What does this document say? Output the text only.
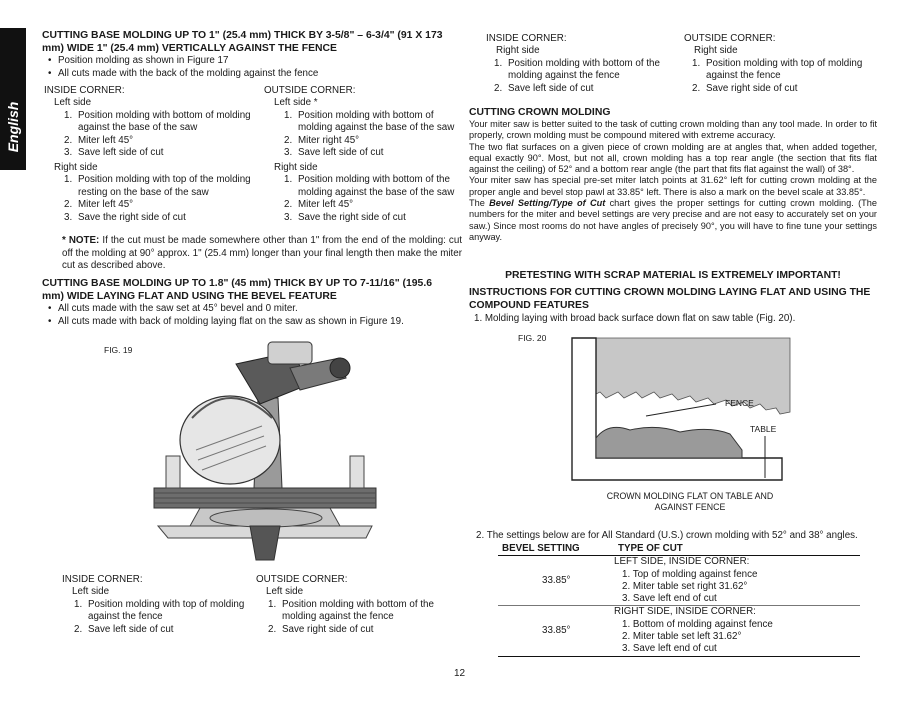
English
CUTTING BASE MOLDING UP TO 1" (25.4 mm) THICK BY 3-5/8" – 6-3/4" (91 X 173 mm) WIDE 1" (25.4 mm) VERTICALLY AGAINST THE FENCE
• Position molding as shown in Figure 17
• All cuts made with the back of the molding against the fence
INSIDE CORNER:
Left side
1. Position molding with bottom of molding against the base of the saw
2. Miter left 45°
3. Save left side of cut
Right side
1. Position molding with top of the molding resting on the base of the saw
2. Miter left 45°
3. Save the right side of cut
OUTSIDE CORNER:
Left side *
1. Position molding with bottom of molding against the base of the saw
2. Miter right 45°
3. Save left side of cut
Right side
1. Position molding with bottom of the molding against the base of the saw
2. Miter left 45°
3. Save the right side of cut
* NOTE: If the cut must be made somewhere other than 1" from the end of the molding: cut off the molding at 90° approx. 1" (25.4 mm) longer than your final length then make the miter cut as described above.
CUTTING BASE MOLDING UP TO 1.8" (45 mm) THICK BY UP TO 7-11/16" (195.6 mm) WIDE LAYING FLAT AND USING THE BEVEL FEATURE
• All cuts made with the saw set at 45° bevel and 0 miter.
• All cuts made with back of molding laying flat on the saw as shown in Figure 19.
FIG. 19
INSIDE CORNER:
Left side
1. Position molding with top of molding against the fence
2. Save left side of cut
OUTSIDE CORNER:
Left side
1. Position molding with bottom of the molding against the fence
2. Save right side of cut
INSIDE CORNER:
Right side
1. Position molding with bottom of the molding against the fence
2. Save left side of cut
OUTSIDE CORNER:
Right side
1. Position molding with top of molding against the fence
2. Save right side of cut
CUTTING CROWN MOLDING
Your miter saw is better suited to the task of cutting crown molding than any tool made. In order to fit properly, crown molding must be compound mitered with extreme accuracy.
The two flat surfaces on a given piece of crown molding are at angles that, when added together, equal exactly 90°. Most, but not all, crown molding has a top rear angle (the section that fits flat against the ceiling) of 52° and a bottom rear angle (the part that fits flat against the wall) of 38°.
Your miter saw has special pre-set miter latch points at 31.62° left for cutting crown molding at the proper angle and bevel stop pawl at 33.85° left. There is also a mark on the bevel scale at 33.85°.
The Bevel Setting/Type of Cut chart gives the proper settings for cutting crown molding. (The numbers for the miter and bevel settings are very precise and are not easy to accurately set on your saw.) Since most rooms do not have angles of precisely 90°, you will have to fine tune your settings anyway.
PRETESTING WITH SCRAP MATERIAL IS EXTREMELY IMPORTANT!
INSTRUCTIONS FOR CUTTING CROWN MOLDING LAYING FLAT AND USING THE COMPOUND FEATURES
1. Molding laying with broad back surface down flat on saw table (Fig. 20).
FIG. 20
FENCE
TABLE
CROWN MOLDING FLAT ON TABLE AND AGAINST FENCE
2. The settings below are for All Standard (U.S.) crown molding with 52° and 38° angles.
BEVEL SETTING	TYPE OF CUT
33.85°	LEFT SIDE, INSIDE CORNER:
1. Top of molding against fence
2. Miter table set right 31.62°
3. Save left end of cut

33.85°	RIGHT SIDE, INSIDE CORNER:
1. Bottom of molding against fence
2. Miter table set left 31.62°
3. Save left end of cut
12
